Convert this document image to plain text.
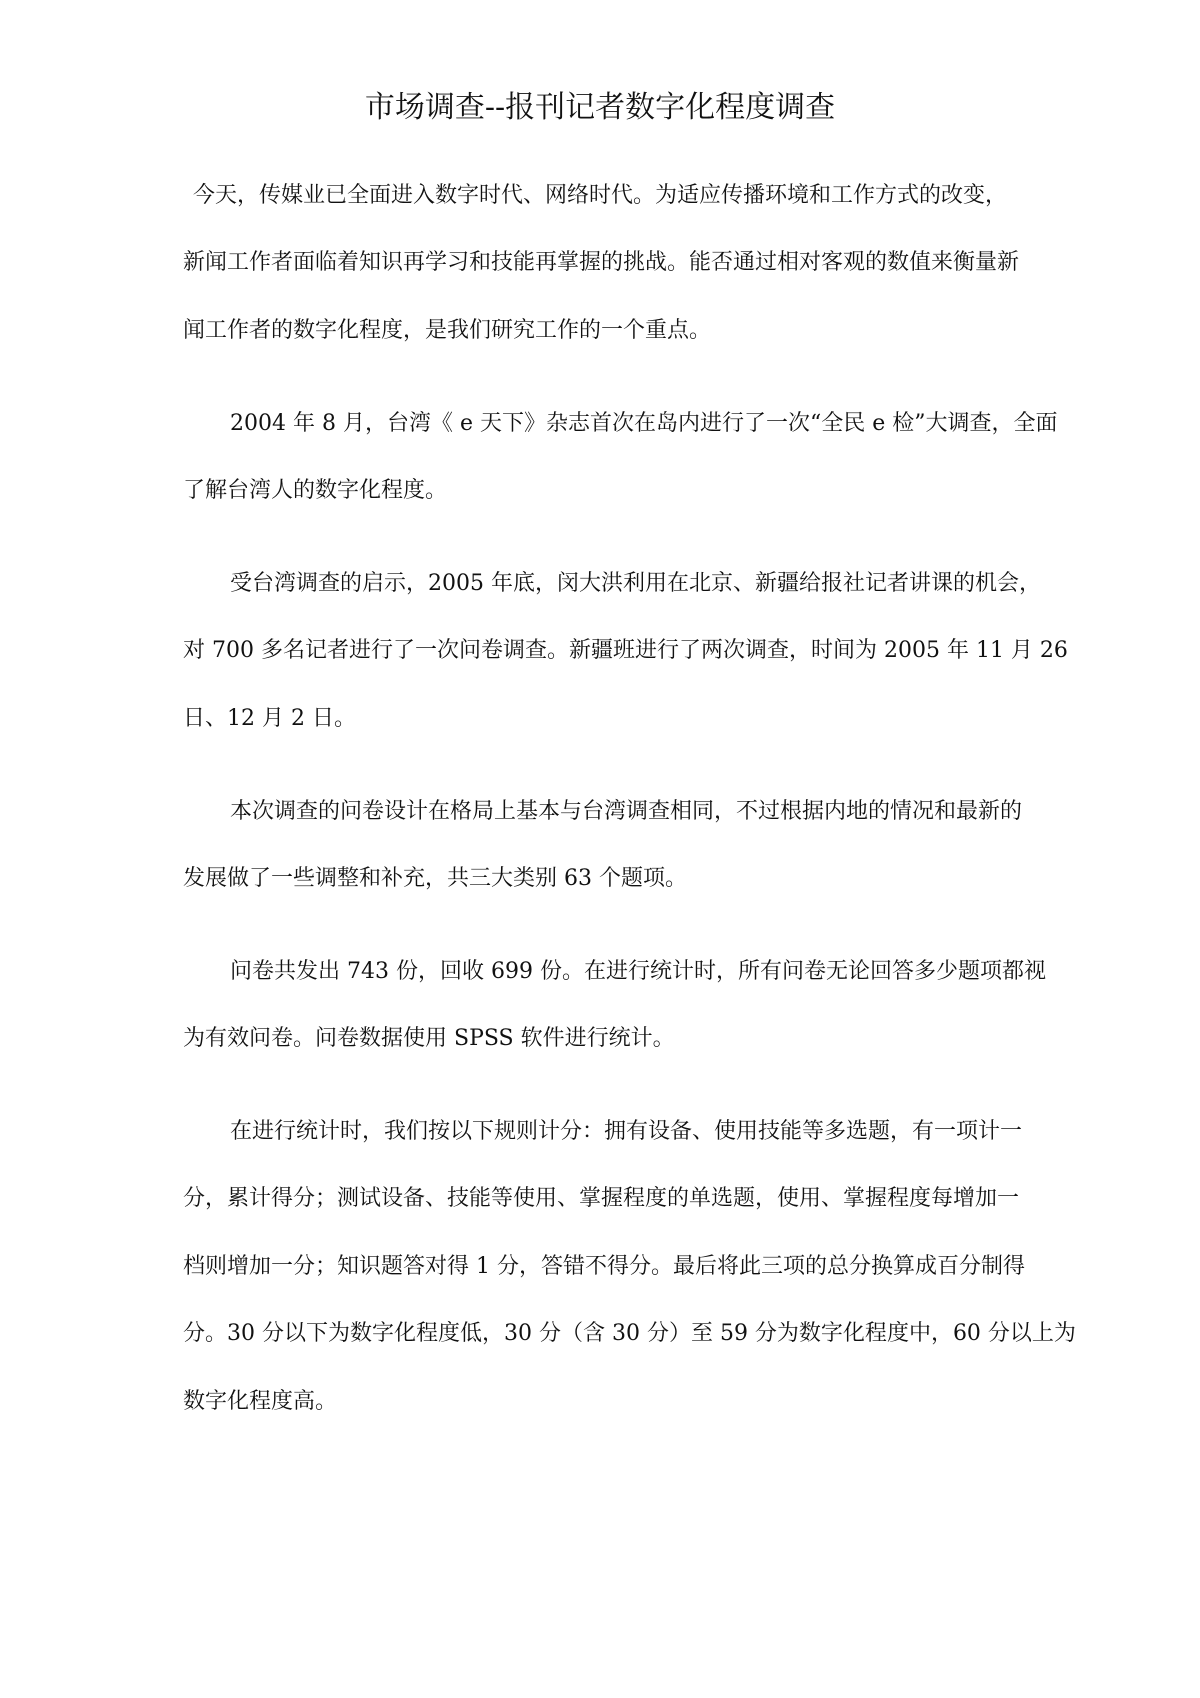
市场调查--报刊记者数字化程度调查
今天，传媒业已全面进入数字时代、网络时代。为适应传播环境和工作方式的改变，
新闻工作者面临着知识再学习和技能再掌握的挑战。能否通过相对客观的数值来衡量新
闻工作者的数字化程度，是我们研究工作的一个重点。
2004 年 8 月，台湾《 e 天下》杂志首次在岛内进行了一次“全民 e 检”大调查，全面
了解台湾人的数字化程度。
受台湾调查的启示，2005 年底，闵大洪利用在北京、新疆给报社记者讲课的机会，
对 700 多名记者进行了一次问卷调查。新疆班进行了两次调查，时间为 2005 年 11 月 26
日、12 月 2 日。
本次调查的问卷设计在格局上基本与台湾调查相同，不过根据内地的情况和最新的
发展做了一些调整和补充，共三大类别 63 个题项。
问卷共发出 743 份，回收 699 份。在进行统计时，所有问卷无论回答多少题项都视
为有效问卷。问卷数据使用 SPSS 软件进行统计。
在进行统计时，我们按以下规则计分：拥有设备、使用技能等多选题，有一项计一
分，累计得分；测试设备、技能等使用、掌握程度的单选题，使用、掌握程度每增加一
档则增加一分；知识题答对得 1 分，答错不得分。最后将此三项的总分换算成百分制得
分。30 分以下为数字化程度低，30 分（含 30 分）至 59 分为数字化程度中，60 分以上为
数字化程度高。
